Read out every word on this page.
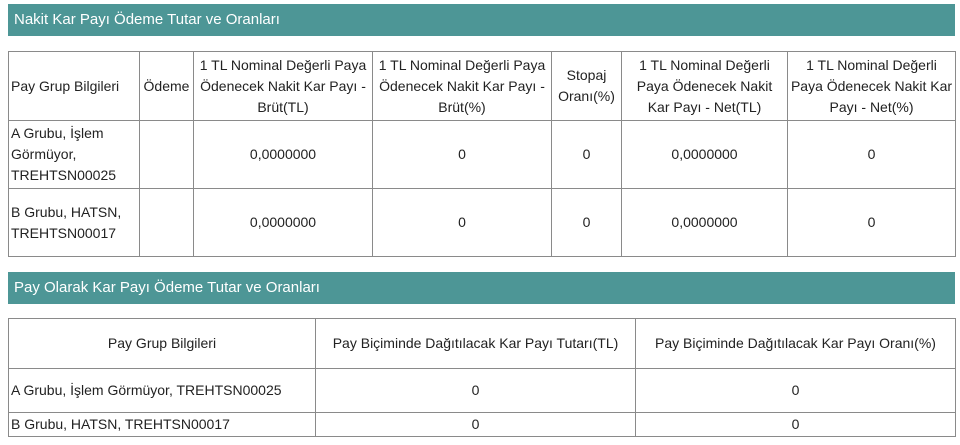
Nakit Kar Payı Ödeme Tutar ve Oranları
Pay Grup Bilgileri	Ödeme	1 TL Nominal Değerli Paya Ödenecek Nakit Kar Payı - Brüt(TL)	1 TL Nominal Değerli Paya Ödenecek Nakit Kar Payı - Brüt(%)	Stopaj Oranı(%)	1 TL Nominal Değerli Paya Ödenecek Nakit Kar Payı - Net(TL)	1 TL Nominal Değerli Paya Ödenecek Nakit Kar Payı - Net(%)
A Grubu, İşlem Görmüyor, TREHTSN00025		0,0000000	0	0	0,0000000	0
B Grubu, HATSN, TREHTSN00017		0,0000000	0	0	0,0000000	0
Pay Olarak Kar Payı Ödeme Tutar ve Oranları
Pay Grup Bilgileri	Pay Biçiminde Dağıtılacak Kar Payı Tutarı(TL)	Pay Biçiminde Dağıtılacak Kar Payı Oranı(%)
A Grubu, İşlem Görmüyor, TREHTSN00025	0	0
B Grubu, HATSN, TREHTSN00017	0	0
